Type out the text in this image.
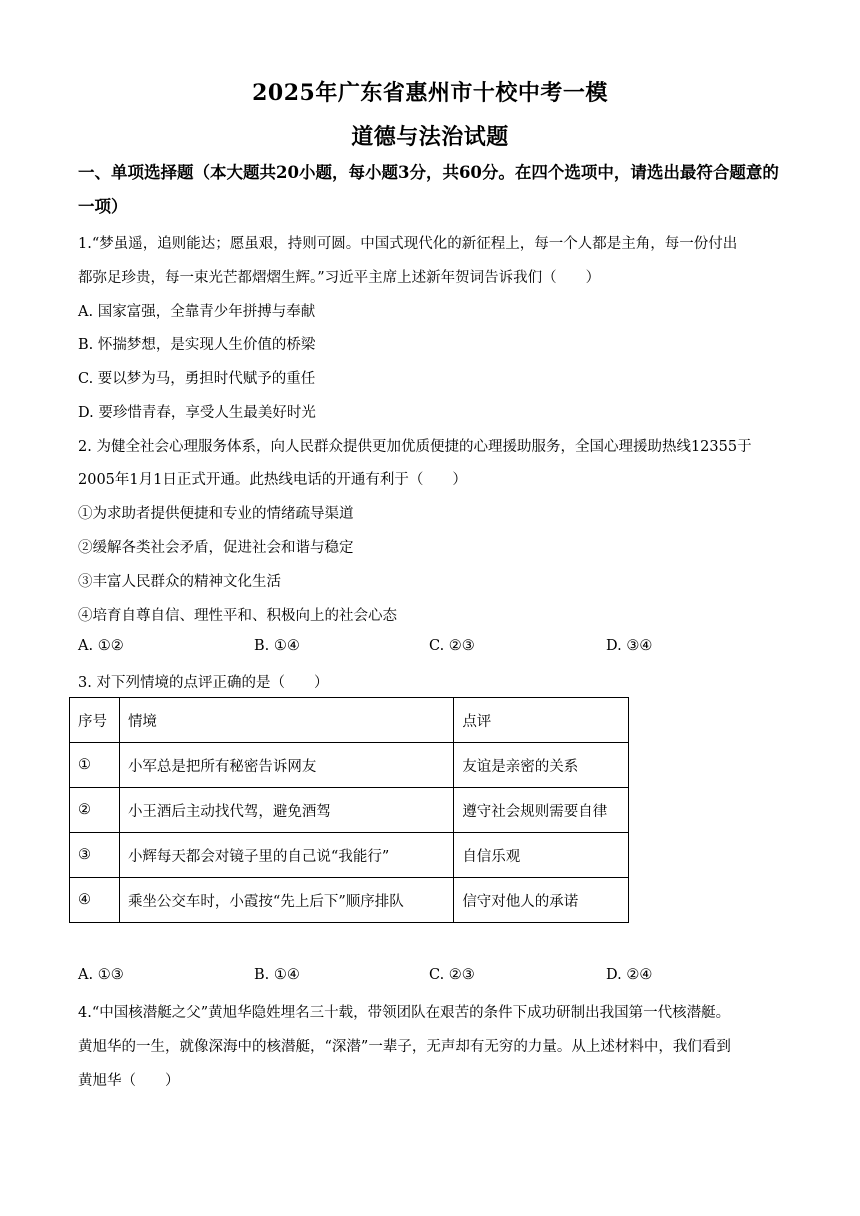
2025年广东省惠州市十校中考一模
道德与法治试题
一、单项选择题（本大题共20小题，每小题3分，共60分。在四个选项中，请选出最符合题意的一项）
1.“梦虽遥，追则能达；愿虽艰，持则可圆。中国式现代化的新征程上，每一个人都是主角，每一份付出
都弥足珍贵，每一束光芒都熠熠生辉。”习近平主席上述新年贺词告诉我们（　　）
A. 国家富强，全靠青少年拼搏与奉献
B. 怀揣梦想，是实现人生价值的桥梁
C. 要以梦为马，勇担时代赋予的重任
D. 要珍惜青春，享受人生最美好时光
2. 为健全社会心理服务体系，向人民群众提供更加优质便捷的心理援助服务，全国心理援助热线12355于
2005年1月1日正式开通。此热线电话的开通有利于（　　）
①为求助者提供便捷和专业的情绪疏导渠道
②缓解各类社会矛盾，促进社会和谐与稳定
③丰富人民群众的精神文化生活
④培育自尊自信、理性平和、积极向上的社会心态
A. ①②	B. ①④	C. ②③	D. ③④
3. 对下列情境的点评正确的是（　　）
序号	情境	点评
①	小军总是把所有秘密告诉网友	友谊是亲密的关系
②	小王酒后主动找代驾，避免酒驾	遵守社会规则需要自律
③	小辉每天都会对镜子里的自己说“我能行”	自信乐观
④	乘坐公交车时，小霞按“先上后下”顺序排队	信守对他人的承诺
A. ①③	B. ①④	C. ②③	D. ②④
4.“中国核潜艇之父”黄旭华隐姓埋名三十载，带领团队在艰苦的条件下成功研制出我国第一代核潜艇。
黄旭华的一生，就像深海中的核潜艇，“深潜”一辈子，无声却有无穷的力量。从上述材料中，我们看到
黄旭华（　　）
